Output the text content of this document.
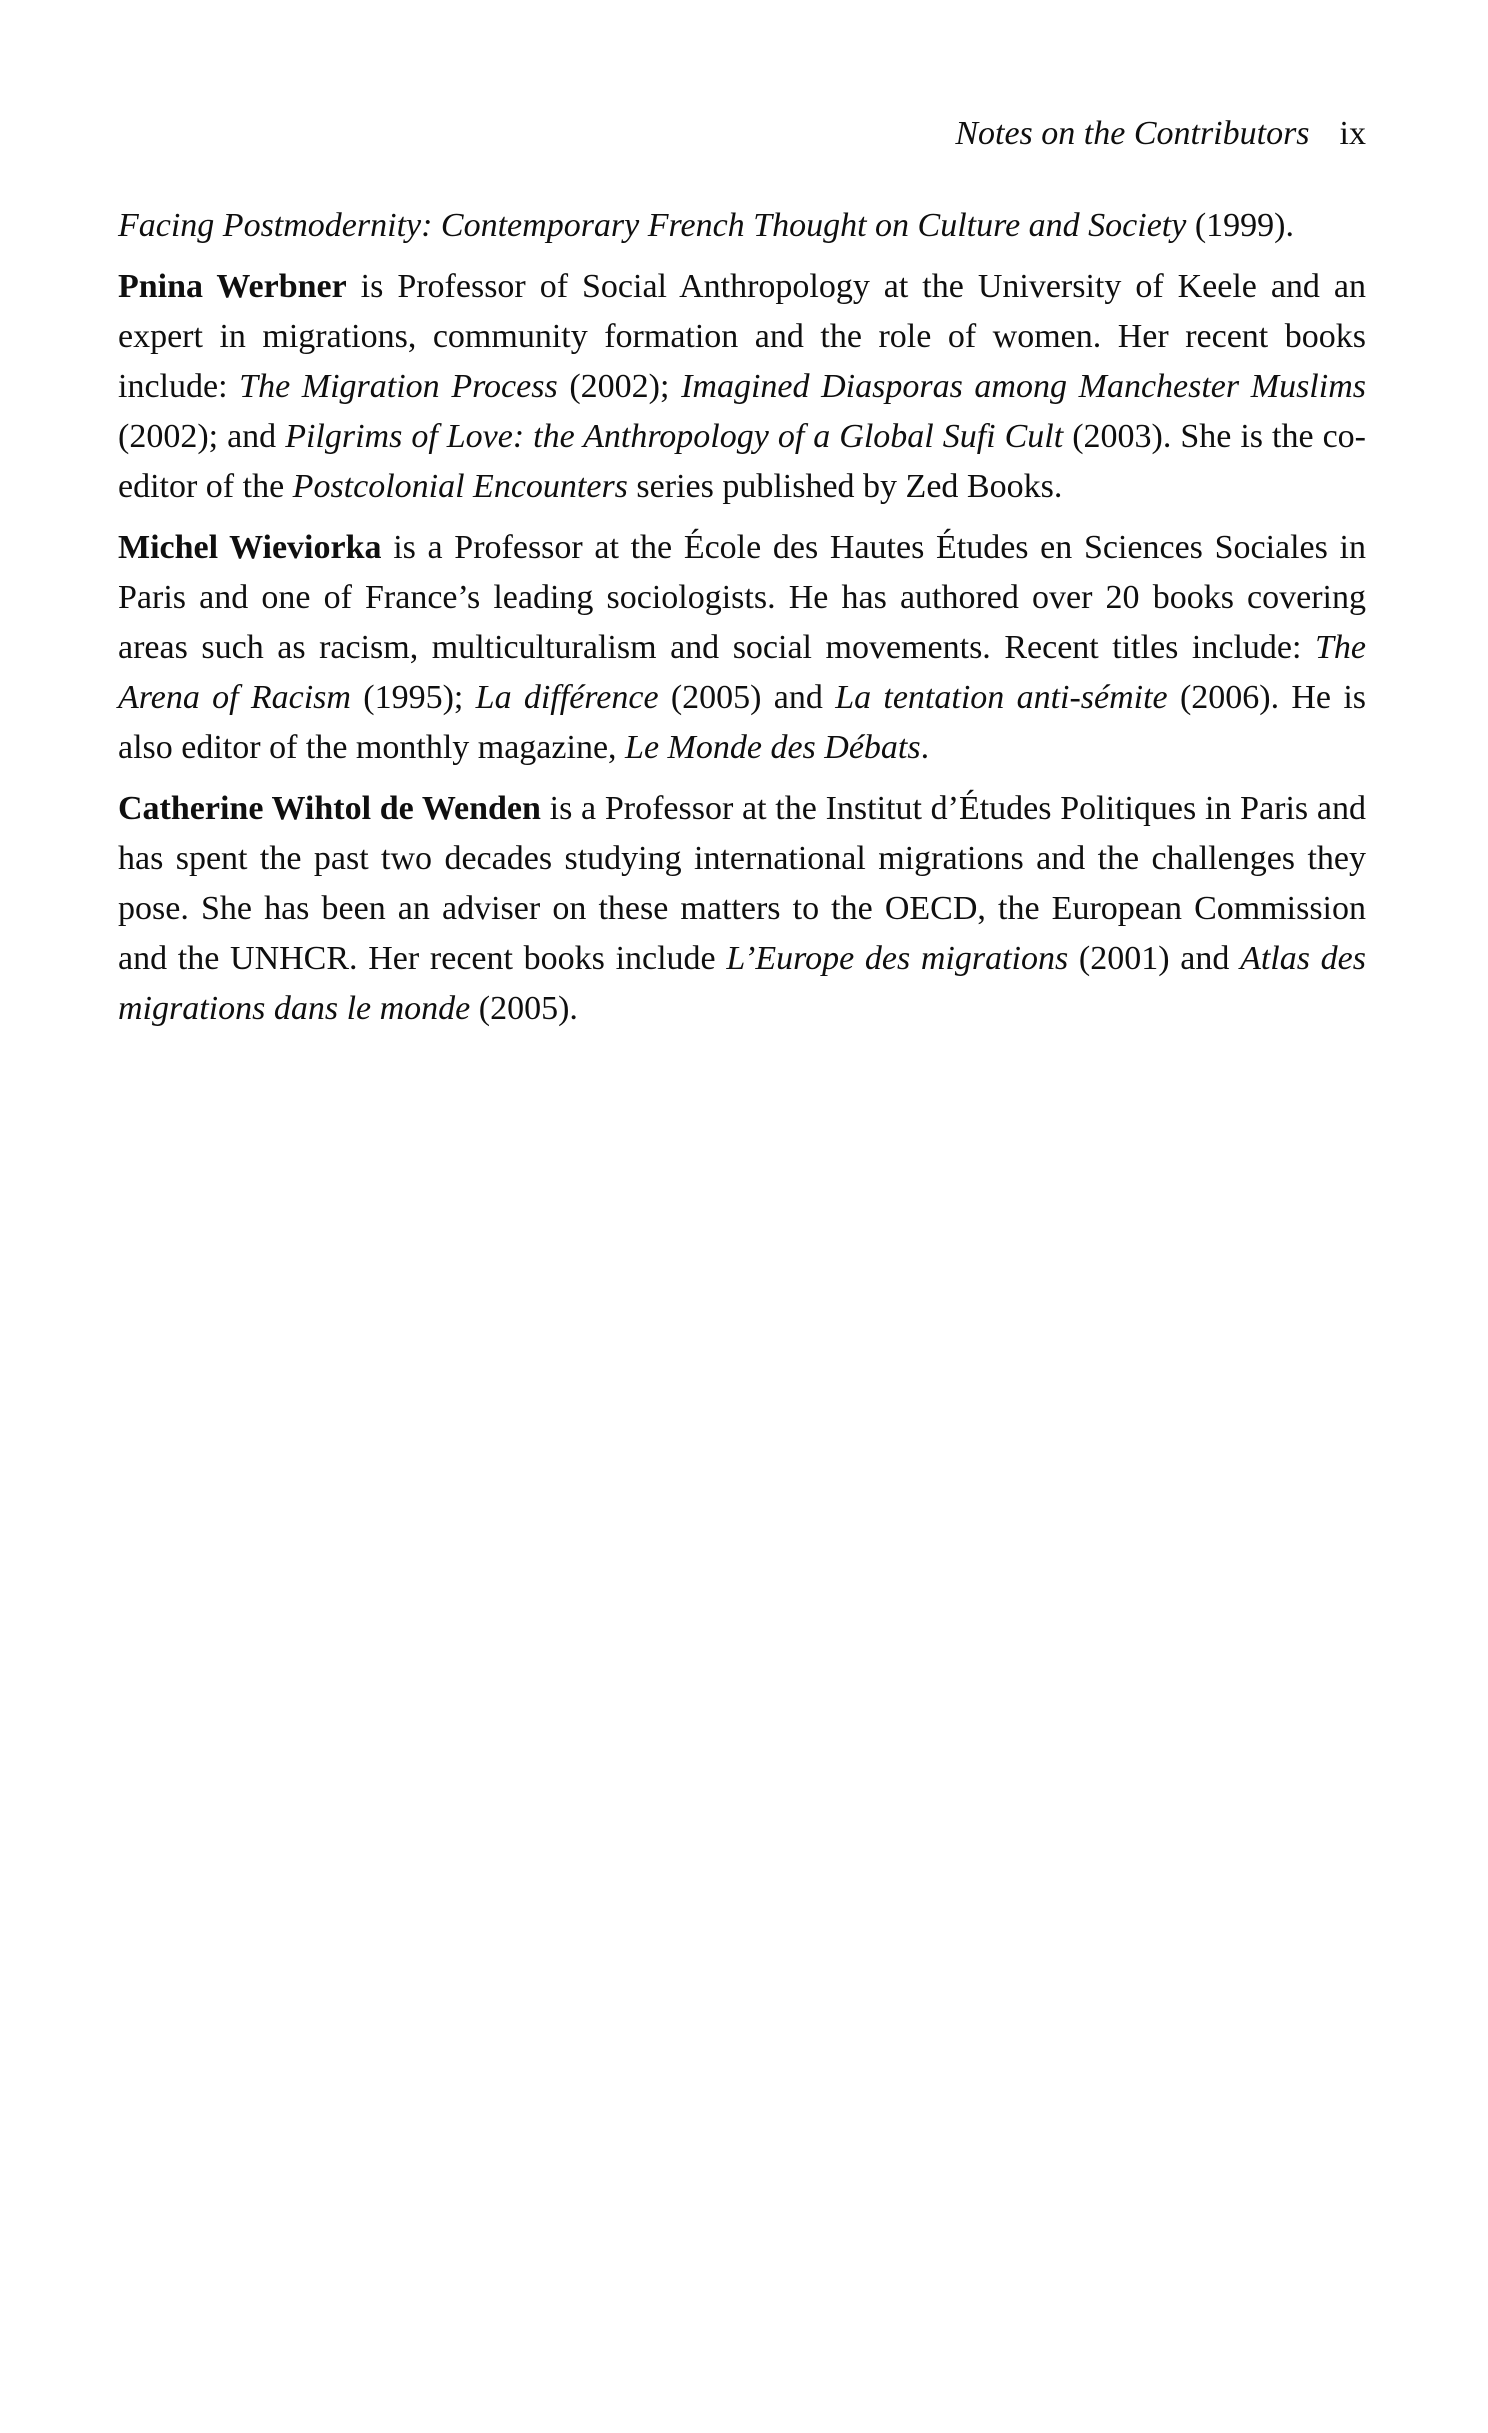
Notes on the Contributors ix

Facing Postmodernity: Contemporary French Thought on Culture and Society (1999).

Pnina Werbner is Professor of Social Anthropology at the University of Keele and an expert in migrations, community formation and the role of women. Her recent books include: The Migration Process (2002); Imagined Diasporas among Manchester Muslims (2002); and Pilgrims of Love: the Anthropology of a Global Sufi Cult (2003). She is the co-editor of the Postcolonial Encounters series published by Zed Books.

Michel Wieviorka is a Professor at the École des Hautes Études en Sciences Sociales in Paris and one of France’s leading sociologists. He has authored over 20 books covering areas such as racism, multiculturalism and social movements. Recent titles include: The Arena of Racism (1995); La différence (2005) and La tentation anti-sémite (2006). He is also editor of the monthly magazine, Le Monde des Débats.

Catherine Wihtol de Wenden is a Professor at the Institut d’Études Politiques in Paris and has spent the past two decades studying international migrations and the challenges they pose. She has been an adviser on these matters to the OECD, the European Commission and the UNHCR. Her recent books include L’Europe des migrations (2001) and Atlas des migrations dans le monde (2005).
